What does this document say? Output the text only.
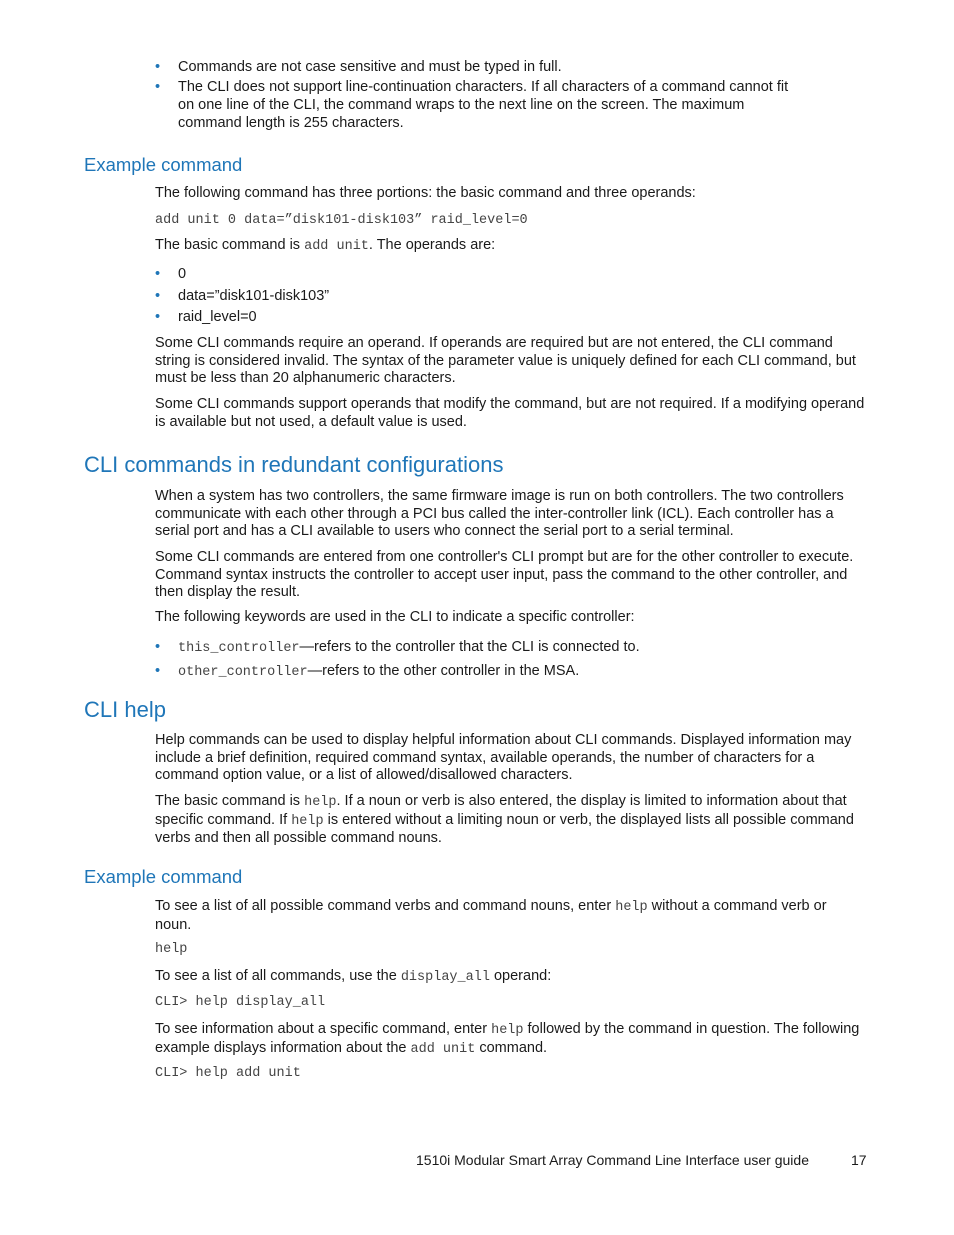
• Commands are not case sensitive and must be typed in full.
• The CLI does not support line-continuation characters. If all characters of a command cannot fit on one line of the CLI, the command wraps to the next line on the screen. The maximum command length is 255 characters.
Example command

The following command has three portions: the basic command and three operands:

add unit 0 data=”disk101-disk103” raid_level=0

The basic command is add unit. The operands are:

• 0
• data=”disk101-disk103”
• raid_level=0

Some CLI commands require an operand. If operands are required but are not entered, the CLI command string is considered invalid. The syntax of the parameter value is uniquely defined for each CLI command, but must be less than 20 alphanumeric characters.

Some CLI commands support operands that modify the command, but are not required. If a modifying operand is available but not used, a default value is used.

CLI commands in redundant configurations

When a system has two controllers, the same firmware image is run on both controllers. The two controllers communicate with each other through a PCI bus called the inter-controller link (ICL). Each controller has a serial port and has a CLI available to users who connect the serial port to a serial terminal.

Some CLI commands are entered from one controller's CLI prompt but are for the other controller to execute. Command syntax instructs the controller to accept user input, pass the command to the other controller, and then display the result.

The following keywords are used in the CLI to indicate a specific controller:

• this_controller—refers to the controller that the CLI is connected to.
• other_controller—refers to the other controller in the MSA.
CLI help

Help commands can be used to display helpful information about CLI commands. Displayed information may include a brief definition, required command syntax, available operands, the number of characters for a command option value, or a list of allowed/disallowed characters.

The basic command is help. If a noun or verb is also entered, the display is limited to information about that specific command. If help is entered without a limiting noun or verb, the displayed lists all possible command verbs and then all possible command nouns.

Example command

To see a list of all possible command verbs and command nouns, enter help without a command verb or noun.

help

To see a list of all commands, use the display_all operand:

CLI> help display_all

To see information about a specific command, enter help followed by the command in question. The following example displays information about the add unit command.

CLI> help add unit
1510i Modular Smart Array Command Line Interface user guide	17
